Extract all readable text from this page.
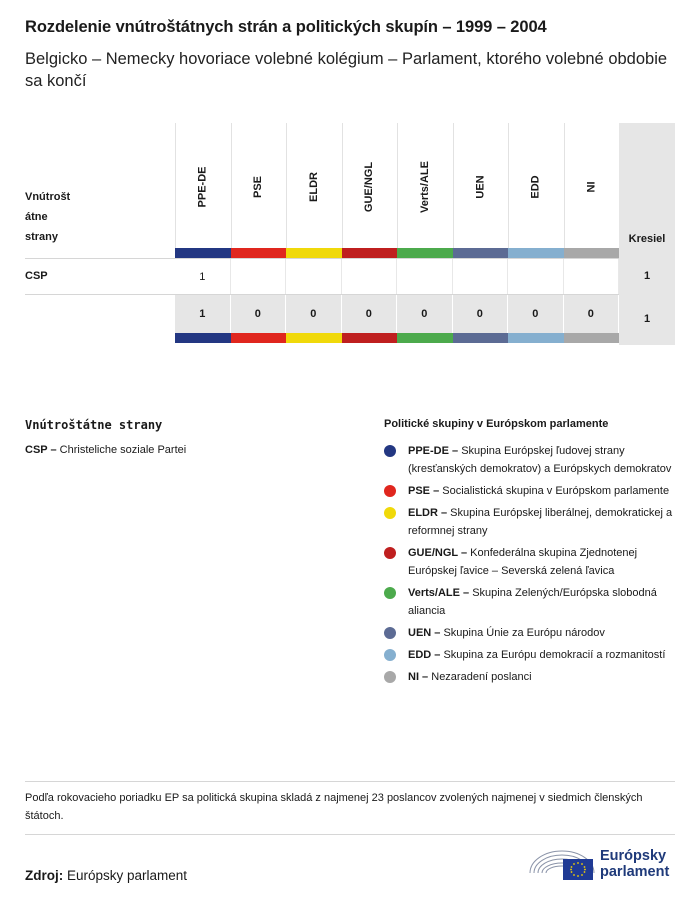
Rozdelenie vnútroštátnych strán a politických skupín – 1999 – 2004
Belgicko – Nemecky hovoriace volebné kolégium – Parlament, ktorého volebné obdobie sa končí
Vnútrošt
átne
strany
PPE-DE
1
1
PSE
0
ELDR
0
GUE/NGL
0
Verts/ALE
0
UEN
0
EDD
0
NI
0
CSP
Kresiel
1
1
Vnútroštátne strany
CSP – Christeliche soziale Partei
Politické skupiny v Európskom parlamente
PPE-DE – Skupina Európskej ľudovej strany (kresťanských demokratov) a Európskych demokratov
PSE – Socialistická skupina v Európskom parlamente
ELDR – Skupina Európskej liberálnej, demokratickej a reformnej strany
GUE/NGL – Konfederálna skupina Zjednotenej Európskej ľavice – Severská zelená ľavica
Verts/ALE – Skupina Zelených/Európska slobodná aliancia
UEN – Skupina Únie za Európu národov
EDD – Skupina za Európu demokracií a rozmanitostí
NI – Nezaradení poslanci
Podľa rokovacieho poriadku EP sa politická skupina skladá z najmenej 23 poslancov zvolených najmenej v siedmich členských štátoch.
Zdroj: Európsky parlament
Európsky
parlament
